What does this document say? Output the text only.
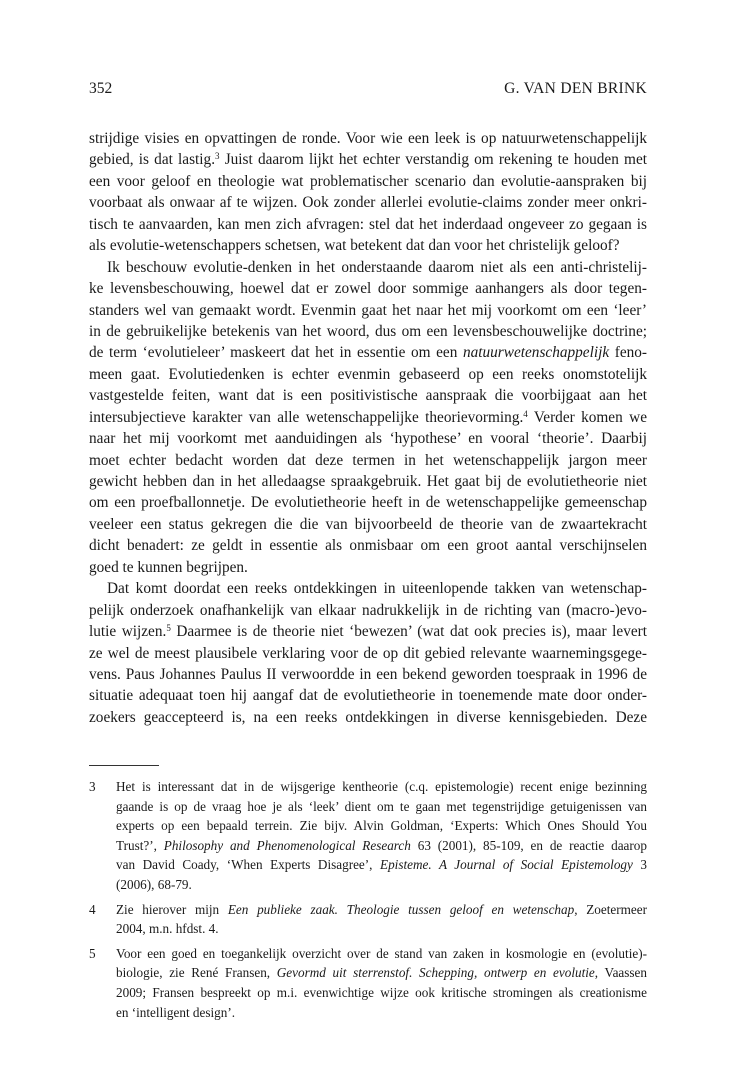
352	G. VAN DEN BRINK
strijdige visies en opvattingen de ronde. Voor wie een leek is op natuurwetenschappelijk
gebied, is dat lastig.$^3$ Juist daarom lijkt het echter verstandig om rekening te houden met
een voor geloof en theologie wat problematischer scenario dan evolutie-aanspraken bij
voorbaat als onwaar af te wijzen. Ook zonder allerlei evolutie-claims zonder meer onkri-
tisch te aanvaarden, kan men zich afvragen: stel dat het inderdaad ongeveer zo gegaan is
als evolutie-wetenschappers schetsen, wat betekent dat dan voor het christelijk geloof?
Ik beschouw evolutie-denken in het onderstaande daarom niet als een anti-christelij-
ke levensbeschouwing, hoewel dat er zowel door sommige aanhangers als door tegen-
standers wel van gemaakt wordt. Evenmin gaat het naar het mij voorkomt om een ‘leer’
in de gebruikelijke betekenis van het woord, dus om een levensbeschouwelijke doctrine;
de term ‘evolutieleer’ maskeert dat het in essentie om een natuurwetenschappelijk feno-
meen gaat. Evolutiedenken is echter evenmin gebaseerd op een reeks onomstotelijk
vastgestelde feiten, want dat is een positivistische aanspraak die voorbijgaat aan het
intersubjectieve karakter van alle wetenschappelijke theorievorming.$^4$ Verder komen we
naar het mij voorkomt met aanduidingen als ‘hypothese’ en vooral ‘theorie’. Daarbij
moet echter bedacht worden dat deze termen in het wetenschappelijk jargon meer
gewicht hebben dan in het alledaagse spraakgebruik. Het gaat bij de evolutietheorie niet
om een proefballonnetje. De evolutietheorie heeft in de wetenschappelijke gemeenschap
veeleer een status gekregen die die van bijvoorbeeld de theorie van de zwaartekracht
dicht benadert: ze geldt in essentie als onmisbaar om een groot aantal verschijnselen
goed te kunnen begrijpen.
Dat komt doordat een reeks ontdekkingen in uiteenlopende takken van wetenschap-
pelijk onderzoek onafhankelijk van elkaar nadrukkelijk in de richting van (macro-)evo-
lutie wijzen.$^5$ Daarmee is de theorie niet ‘bewezen’ (wat dat ook precies is), maar levert
ze wel de meest plausibele verklaring voor de op dit gebied relevante waarnemingsgege-
vens. Paus Johannes Paulus II verwoordde in een bekend geworden toespraak in 1996 de
situatie adequaat toen hij aangaf dat de evolutietheorie in toenemende mate door onder-
zoekers geaccepteerd is, na een reeks ontdekkingen in diverse kennisgebieden. Deze
3 Het is interessant dat in de wijsgerige kentheorie (c.q. epistemologie) recent enige bezinning
gaande is op de vraag hoe je als ‘leek’ dient om te gaan met tegenstrijdige getuigenissen van
experts op een bepaald terrein. Zie bijv. Alvin Goldman, ‘Experts: Which Ones Should You
Trust?’, Philosophy and Phenomenological Research 63 (2001), 85-109, en de reactie daarop
van David Coady, ‘When Experts Disagree’, Episteme. A Journal of Social Epistemology 3
(2006), 68-79.
4 Zie hierover mijn Een publieke zaak. Theologie tussen geloof en wetenschap, Zoetermeer
2004, m.n. hfdst. 4.
5 Voor een goed en toegankelijk overzicht over de stand van zaken in kosmologie en (evolutie)-
biologie, zie René Fransen, Gevormd uit sterrenstof. Schepping, ontwerp en evolutie, Vaassen
2009; Fransen bespreekt op m.i. evenwichtige wijze ook kritische stromingen als creationisme
en ‘intelligent design’.
